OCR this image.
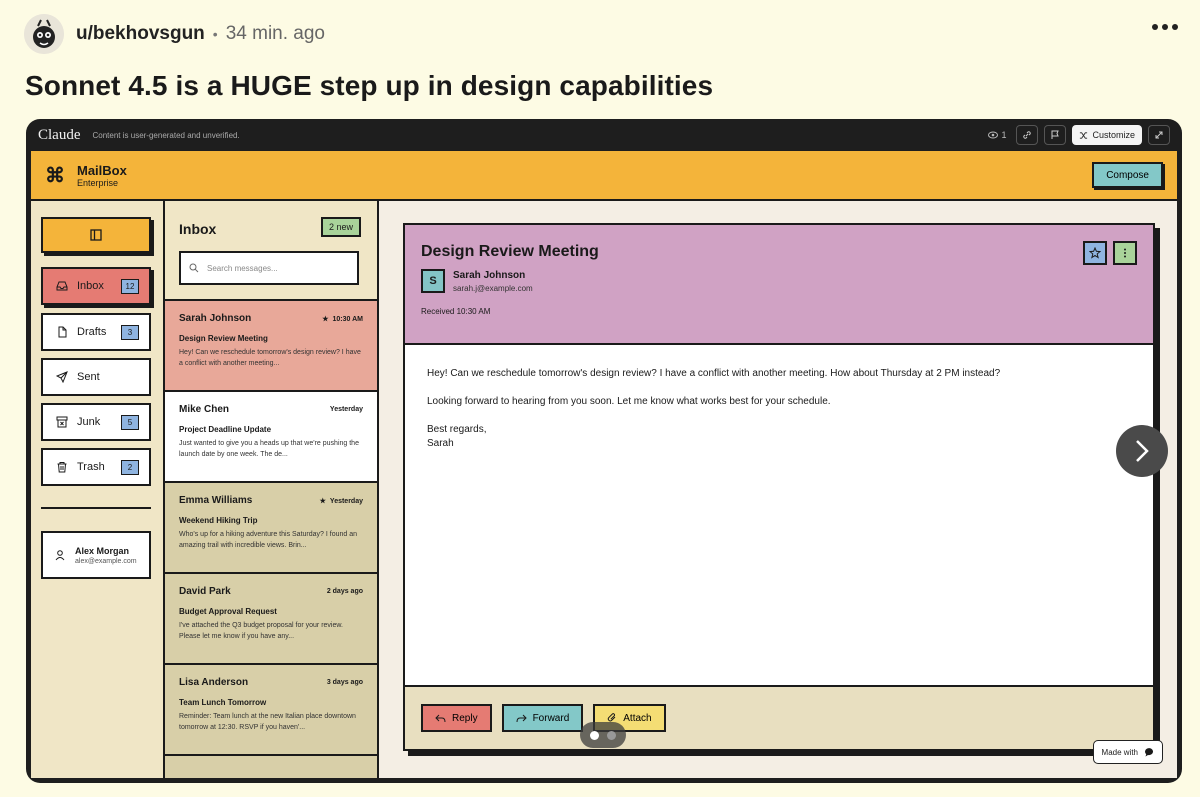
u/bekhovsgun • 34 min. ago
Sonnet 4.5 is a HUGE step up in design capabilities
Claude Content is user-generated and unverified.	1	Customize
⌘ MailBox
Enterprise
Compose
Inbox	12
Drafts	3
Sent
Junk	5
Trash	2
Alex Morgan
alex@example.com
Inbox	2 new
Search messages...
Sarah Johnson	★ 10:30 AM
Design Review Meeting
Hey! Can we reschedule tomorrow's design review? I have a conflict with another meeting...
Mike Chen	Yesterday
Project Deadline Update
Just wanted to give you a heads up that we're pushing the launch date by one week. The de...
Emma Williams	★ Yesterday
Weekend Hiking Trip
Who's up for a hiking adventure this Saturday? I found an amazing trail with incredible views. Brin...
David Park	2 days ago
Budget Approval Request
I've attached the Q3 budget proposal for your review. Please let me know if you have any...
Lisa Anderson	3 days ago
Team Lunch Tomorrow
Reminder: Team lunch at the new Italian place downtown tomorrow at 12:30. RSVP if you haven'...
Design Review Meeting
S	Sarah Johnson
sarah.j@example.com
Received 10:30 AM

Hey! Can we reschedule tomorrow's design review? I have a conflict with another meeting. How about Thursday at 2 PM instead?

Looking forward to hearing from you soon. Let me know what works best for your schedule.

Best regards,
Sarah
Reply	Forward	Attach
Made with
